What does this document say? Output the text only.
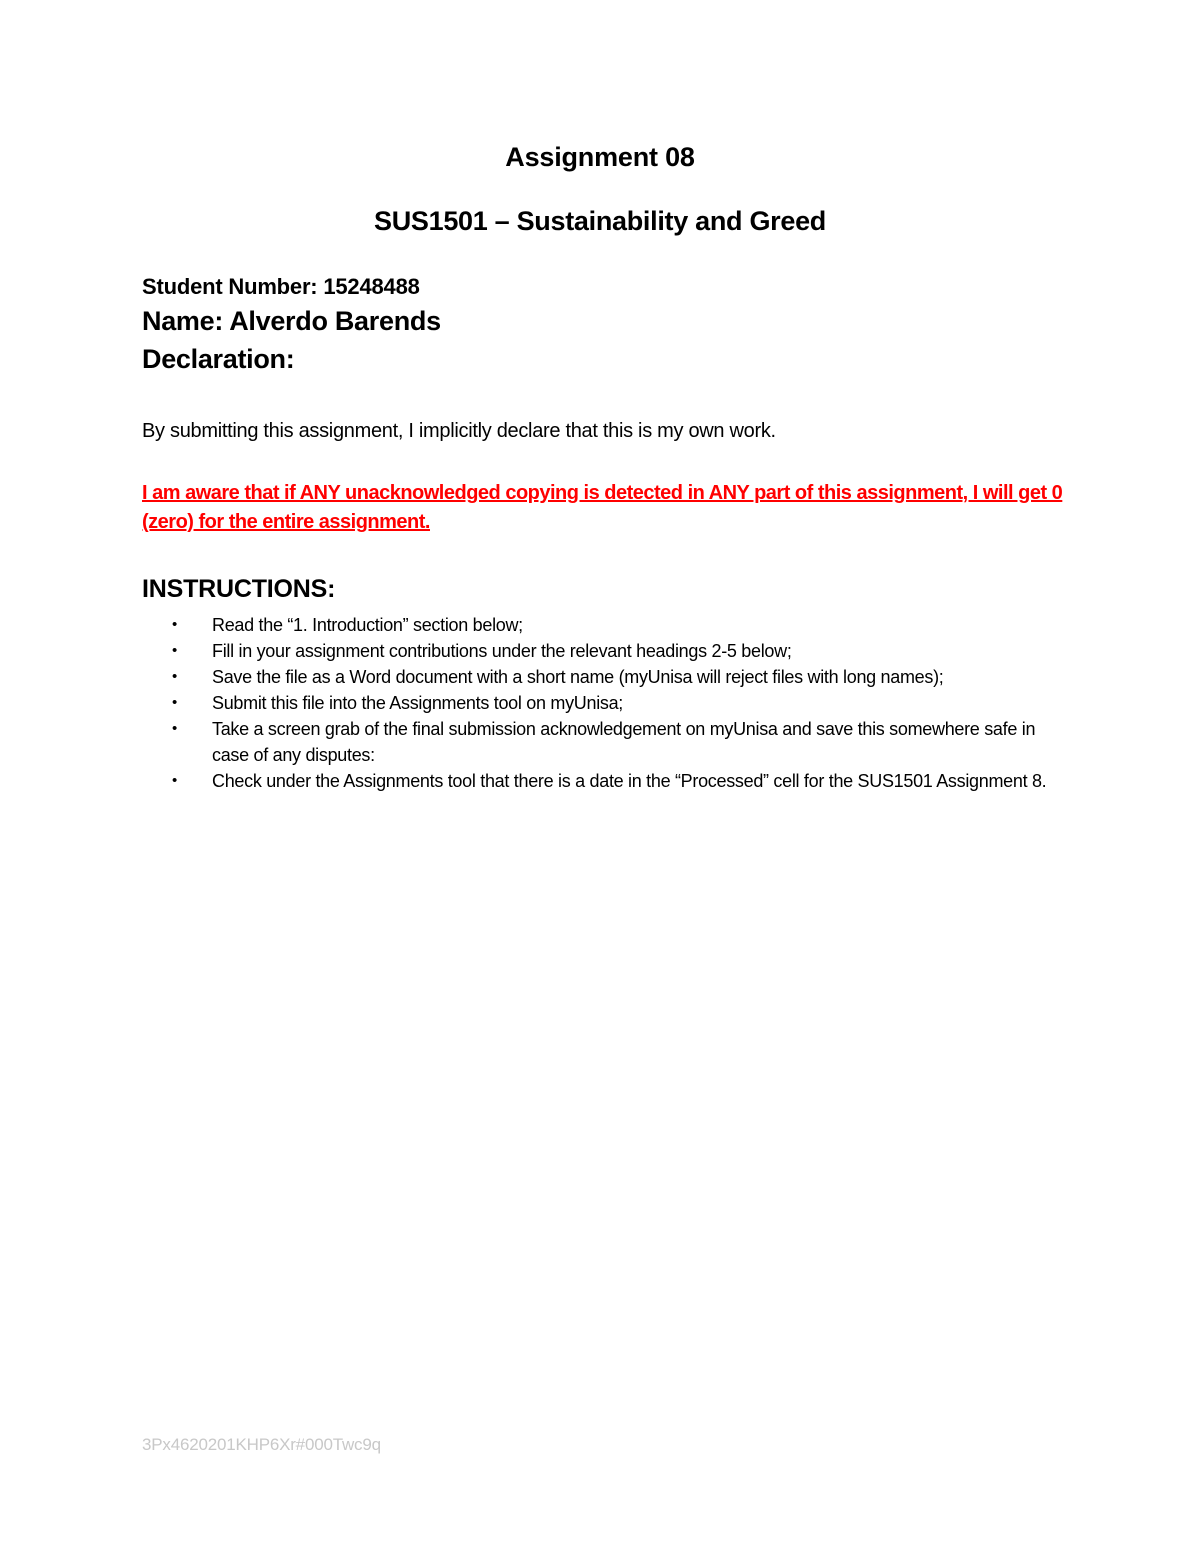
Assignment 08
SUS1501 – Sustainability and Greed

Student Number: 15248488

Name: Alverdo Barends

Declaration:

By submitting this assignment, I implicitly declare that this is my own work.

I am aware that if ANY unacknowledged copying is detected in ANY part of this assignment, I will get 0 (zero) for the entire assignment.

INSTRUCTIONS:
• Read the “1. Introduction” section below;
• Fill in your assignment contributions under the relevant headings 2-5 below;
• Save the file as a Word document with a short name (myUnisa will reject files with long names);
• Submit this file into the Assignments tool on myUnisa;
• Take a screen grab of the final submission acknowledgement on myUnisa and save this somewhere safe in case of any disputes:
• Check under the Assignments tool that there is a date in the “Processed” cell for the SUS1501 Assignment 8.

3Px4620201KHP6Xr#000Twc9q
